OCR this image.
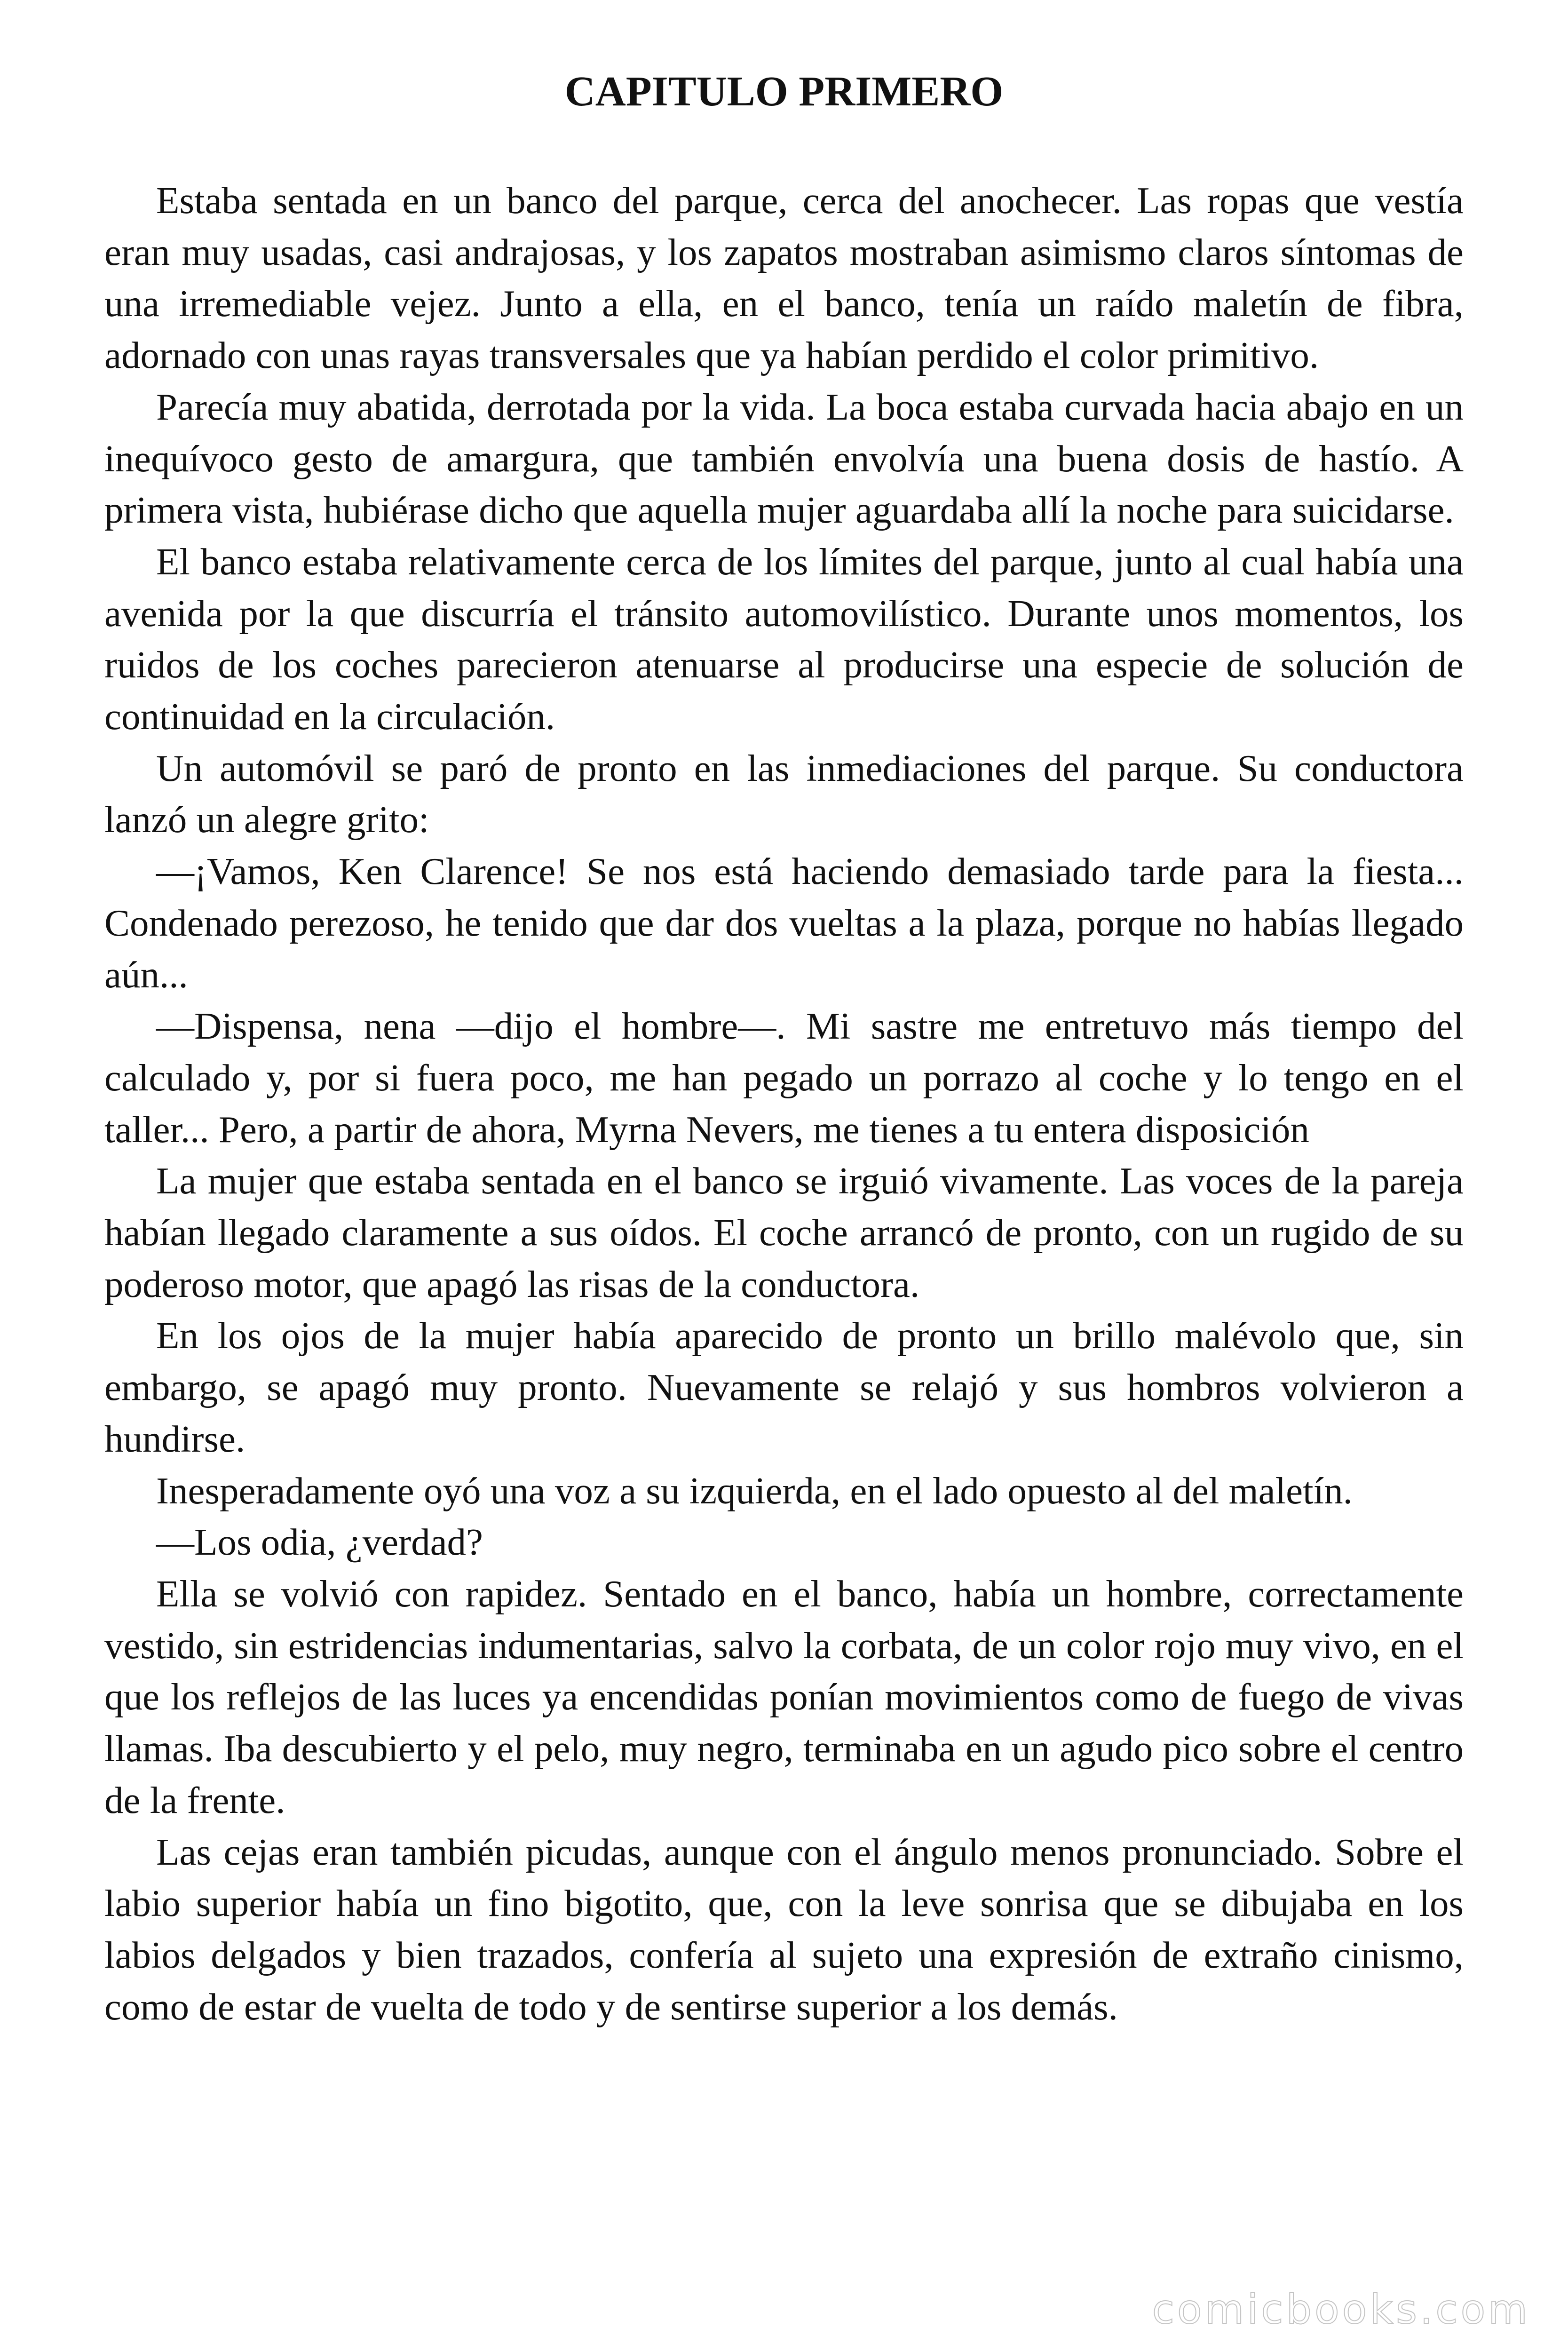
CAPITULO PRIMERO

Estaba sentada en un banco del parque, cerca del anochecer. Las ropas que vestía eran muy usadas, casi andrajosas, y los zapatos mostraban asimismo claros síntomas de una irremediable vejez. Junto a ella, en el banco, tenía un raído maletín de fibra, adornado con unas rayas transversales que ya habían perdido el color primitivo.

Parecía muy abatida, derrotada por la vida. La boca estaba curvada hacia abajo en un inequívoco gesto de amargura, que también envolvía una buena dosis de hastío. A primera vista, hubiérase dicho que aquella mujer aguardaba allí la noche para suicidarse.

El banco estaba relativamente cerca de los límites del parque, junto al cual había una avenida por la que discurría el tránsito automovilístico. Durante unos momentos, los ruidos de los coches parecieron atenuarse al producirse una especie de solución de continuidad en la circulación.

Un automóvil se paró de pronto en las inmediaciones del parque. Su conductora lanzó un alegre grito:

—¡Vamos, Ken Clarence! Se nos está haciendo demasiado tarde para la fiesta... Condenado perezoso, he tenido que dar dos vueltas a la plaza, porque no habías llegado aún...

—Dispensa, nena —dijo el hombre—. Mi sastre me entretuvo más tiempo del calculado y, por si fuera poco, me han pegado un porrazo al coche y lo tengo en el taller... Pero, a partir de ahora, Myrna Nevers, me tienes a tu entera disposición

La mujer que estaba sentada en el banco se irguió vivamente. Las voces de la pareja habían llegado claramente a sus oídos. El coche arrancó de pronto, con un rugido de su poderoso motor, que apagó las risas de la conductora.

En los ojos de la mujer había aparecido de pronto un brillo malévolo que, sin embargo, se apagó muy pronto. Nuevamente se relajó y sus hombros volvieron a hundirse.

Inesperadamente oyó una voz a su izquierda, en el lado opuesto al del maletín.

—Los odia, ¿verdad?

Ella se volvió con rapidez. Sentado en el banco, había un hombre, correctamente vestido, sin estridencias indumentarias, salvo la corbata, de un color rojo muy vivo, en el que los reflejos de las luces ya encendidas ponían movimientos como de fuego de vivas llamas. Iba descubierto y el pelo, muy negro, terminaba en un agudo pico sobre el centro de la frente.

Las cejas eran también picudas, aunque con el ángulo menos pronunciado. Sobre el labio superior había un fino bigotito, que, con la leve sonrisa que se dibujaba en los labios delgados y bien trazados, confería al sujeto una expresión de extraño cinismo, como de estar de vuelta de todo y de sentirse superior a los demás.

comicbooks.com
